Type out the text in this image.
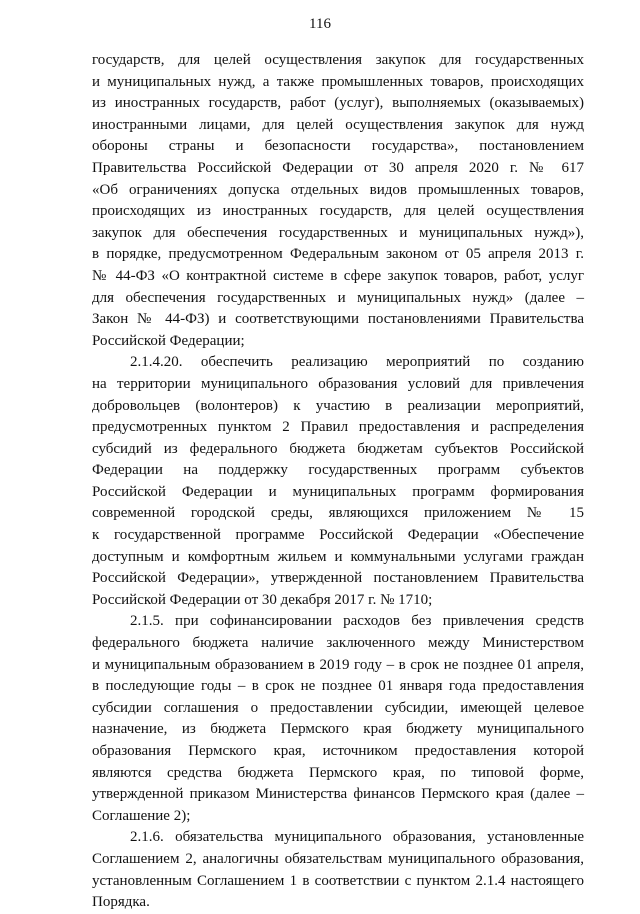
116
государств, для целей осуществления закупок для государственных
и муниципальных нужд, а также промышленных товаров, происходящих
из иностранных государств, работ (услуг), выполняемых (оказываемых)
иностранными лицами, для целей осуществления закупок для нужд
обороны страны и безопасности государства», постановлением
Правительства Российской Федерации от 30 апреля 2020 г. № 617
«Об ограничениях допуска отдельных видов промышленных товаров,
происходящих из иностранных государств, для целей осуществления
закупок для обеспечения государственных и муниципальных нужд»),
в порядке, предусмотренном Федеральным законом от 05 апреля 2013 г.
№ 44-ФЗ «О контрактной системе в сфере закупок товаров, работ, услуг
для обеспечения государственных и муниципальных нужд» (далее –
Закон № 44-ФЗ) и соответствующими постановлениями Правительства
Российской Федерации;
2.1.4.20. обеспечить реализацию мероприятий по созданию
на территории муниципального образования условий для привлечения
добровольцев (волонтеров) к участию в реализации мероприятий,
предусмотренных пунктом 2 Правил предоставления и распределения
субсидий из федерального бюджета бюджетам субъектов Российской
Федерации на поддержку государственных программ субъектов
Российской Федерации и муниципальных программ формирования
современной городской среды, являющихся приложением № 15
к государственной программе Российской Федерации «Обеспечение
доступным и комфортным жильем и коммунальными услугами граждан
Российской Федерации», утвержденной постановлением Правительства
Российской Федерации от 30 декабря 2017 г. № 1710;
2.1.5. при софинансировании расходов без привлечения средств
федерального бюджета наличие заключенного между Министерством
и муниципальным образованием в 2019 году – в срок не позднее 01 апреля,
в последующие годы – в срок не позднее 01 января года предоставления
субсидии соглашения о предоставлении субсидии, имеющей целевое
назначение, из бюджета Пермского края бюджету муниципального
образования Пермского края, источником предоставления которой
являются средства бюджета Пермского края, по типовой форме,
утвержденной приказом Министерства финансов Пермского края (далее –
Соглашение 2);
2.1.6. обязательства муниципального образования, установленные
Соглашением 2, аналогичны обязательствам муниципального образования,
установленным Соглашением 1 в соответствии с пунктом 2.1.4 настоящего
Порядка.
